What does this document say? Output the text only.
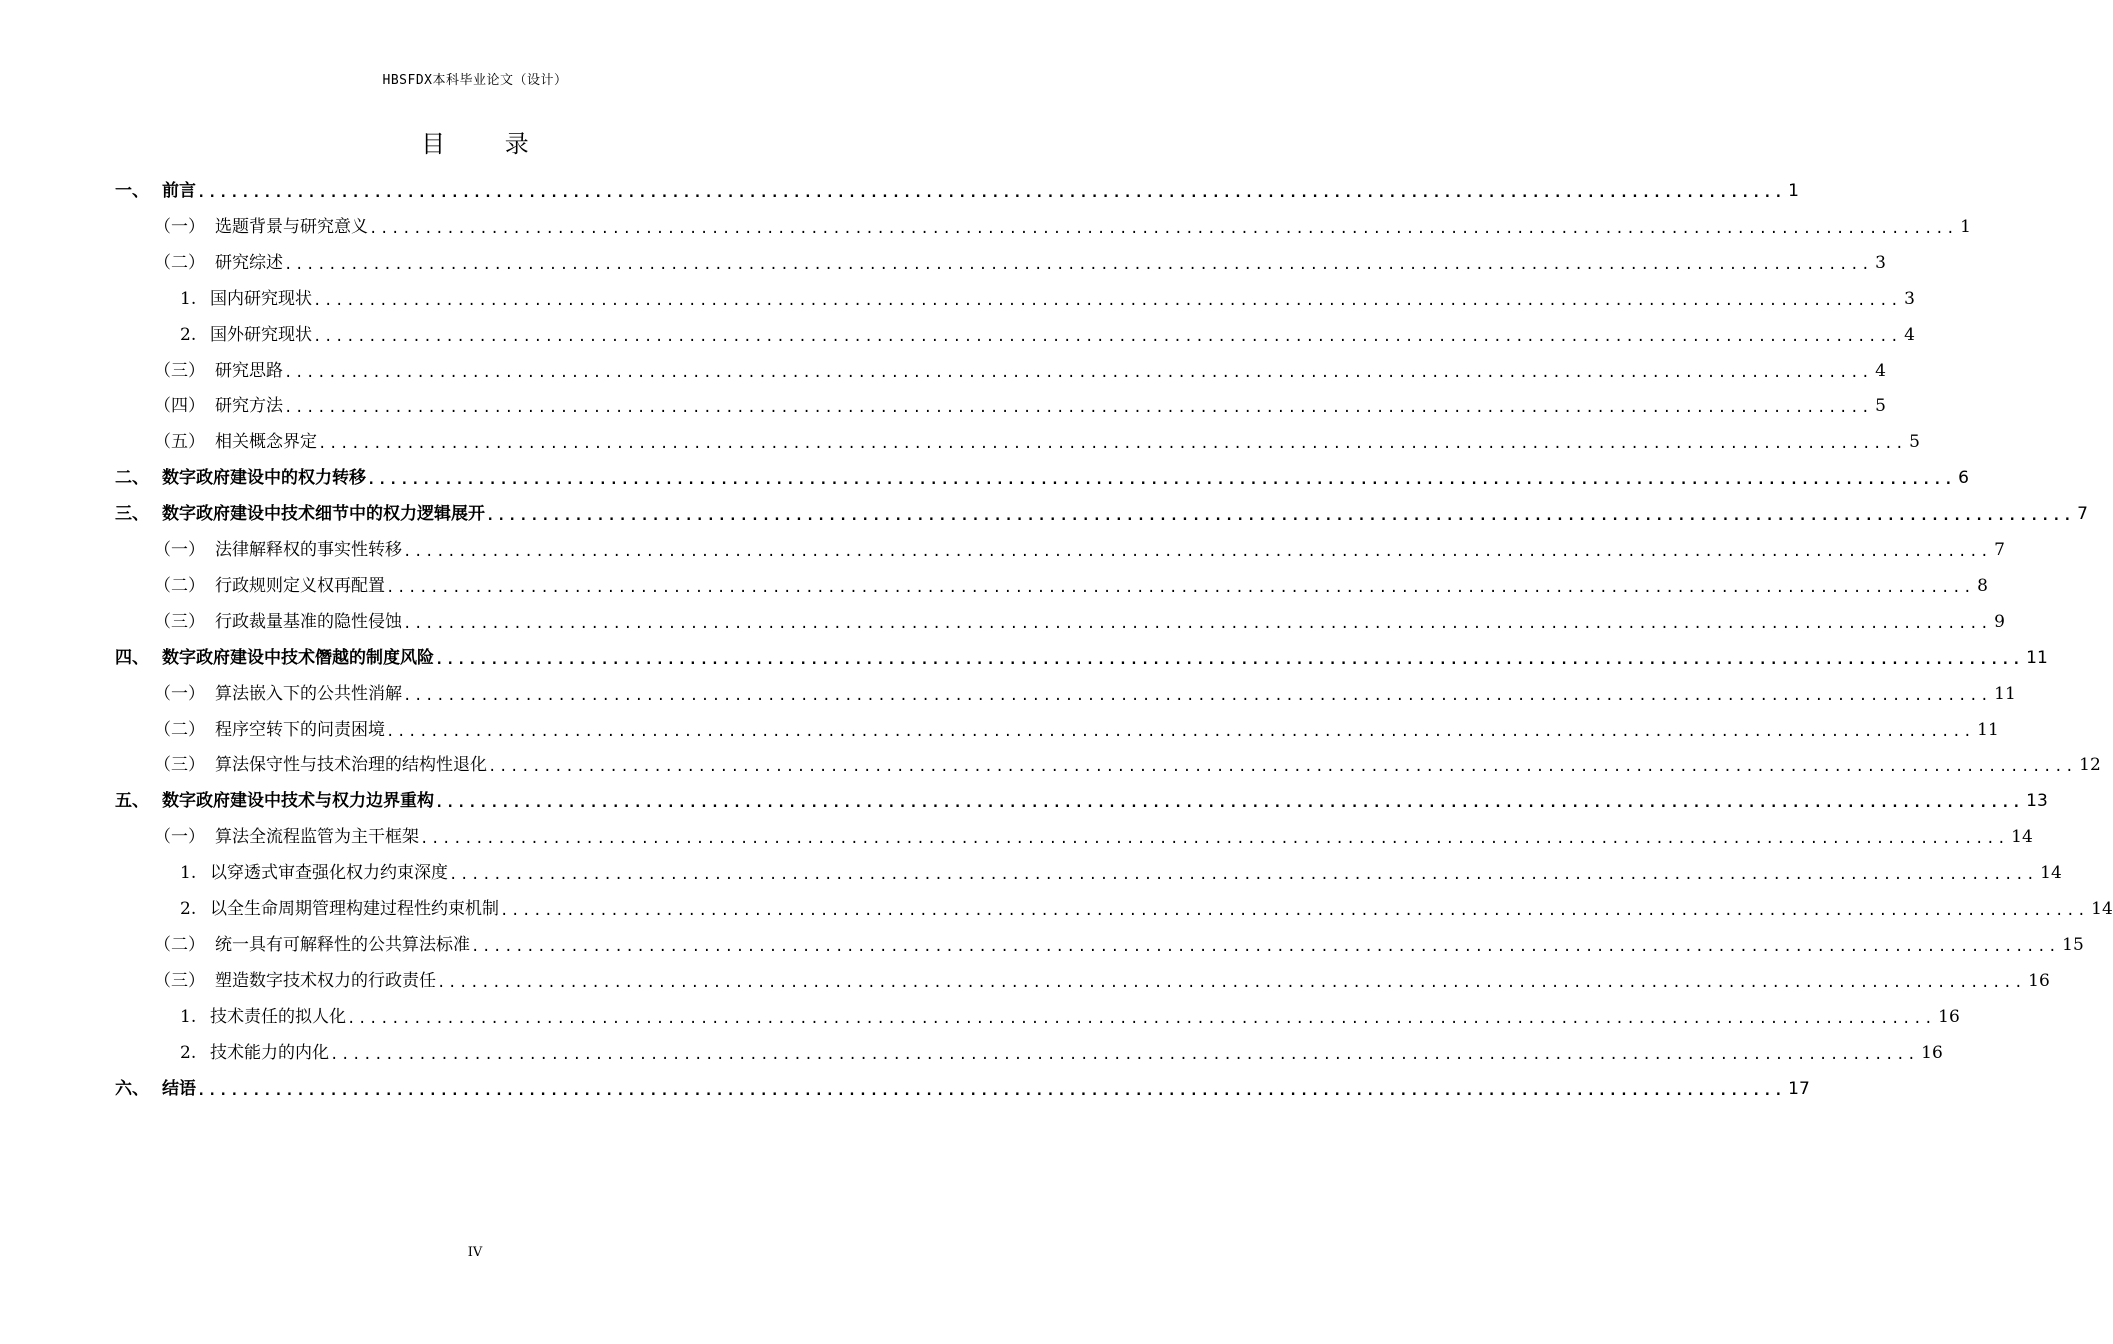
HBSFDX本科毕业论文（设计）
目 录
一、 前言 ................................................................................................................................................ 1
（一） 选题背景与研究意义 ................................................................................................................................................ 1
（二） 研究综述 ................................................................................................................................................ 3
1. 国内研究现状 ................................................................................................................................................ 3
2. 国外研究现状 ................................................................................................................................................ 4
（三） 研究思路 ................................................................................................................................................ 4
（四） 研究方法 ................................................................................................................................................ 5
（五） 相关概念界定 ................................................................................................................................................ 5
二、 数字政府建设中的权力转移 ................................................................................................................................................ 6
三、 数字政府建设中技术细节中的权力逻辑展开 ................................................................................................................................................ 7
（一） 法律解释权的事实性转移 ................................................................................................................................................ 7
（二） 行政规则定义权再配置 ................................................................................................................................................ 8
（三） 行政裁量基准的隐性侵蚀 ................................................................................................................................................ 9
四、 数字政府建设中技术僭越的制度风险 ................................................................................................................................................ 11
（一） 算法嵌入下的公共性消解 ................................................................................................................................................ 11
（二） 程序空转下的问责困境 ................................................................................................................................................ 11
（三） 算法保守性与技术治理的结构性退化 ................................................................................................................................................ 12
五、 数字政府建设中技术与权力边界重构 ................................................................................................................................................ 13
（一） 算法全流程监管为主干框架 ................................................................................................................................................ 14
1. 以穿透式审查强化权力约束深度 ................................................................................................................................................ 14
2. 以全生命周期管理构建过程性约束机制 ................................................................................................................................................ 14
（二） 统一具有可解释性的公共算法标准 ................................................................................................................................................ 15
（三） 塑造数字技术权力的行政责任 ................................................................................................................................................ 16
1. 技术责任的拟人化 ................................................................................................................................................ 16
2. 技术能力的内化 ................................................................................................................................................ 16
六、 结语 ................................................................................................................................................ 17
IV
